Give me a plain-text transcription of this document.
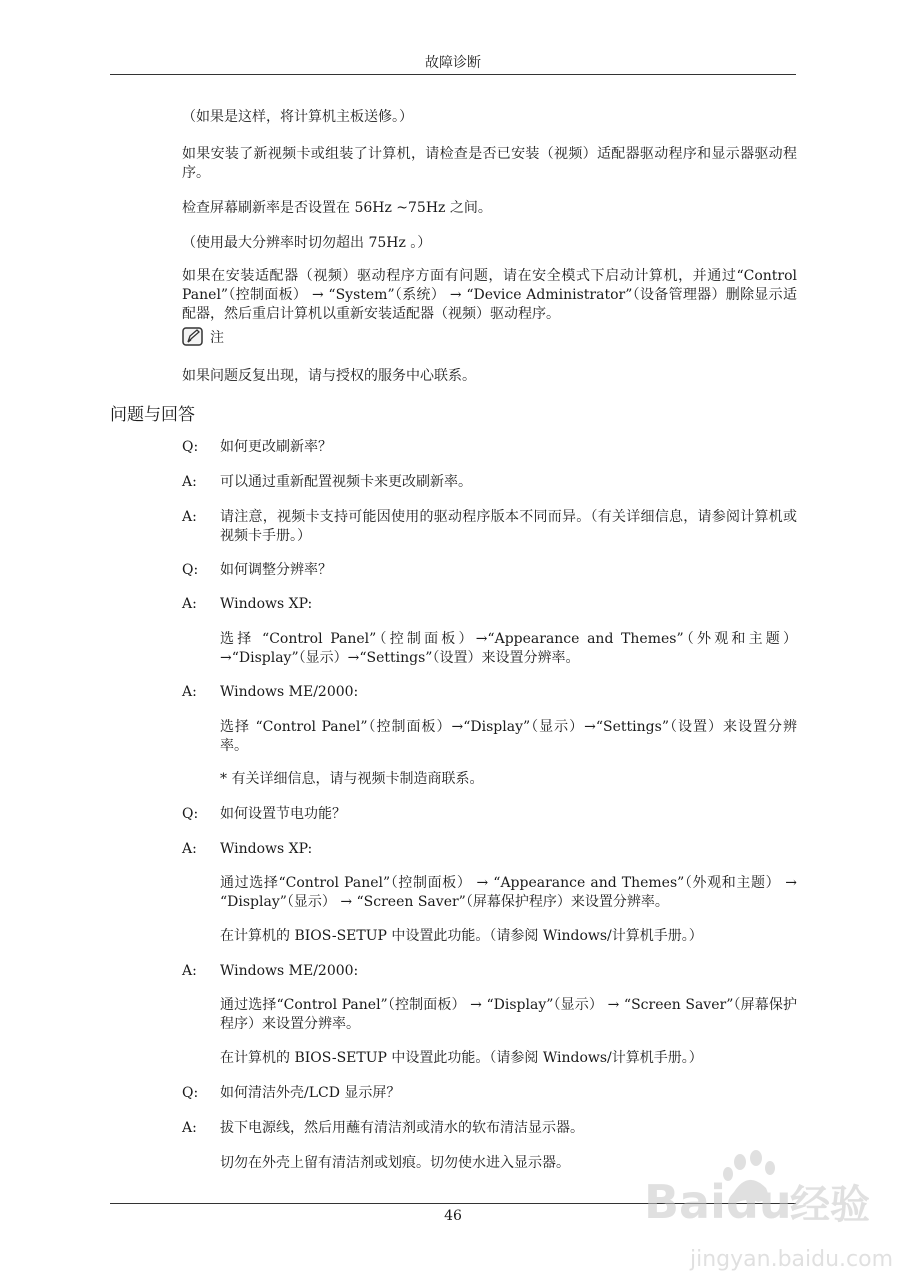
故障诊断

（如果是这样，将计算机主板送修。）

如果安装了新视频卡或组装了计算机，请检查是否已安装（视频）适配器驱动程序和显示器驱动程序。

检查屏幕刷新率是否设置在 56Hz ~75Hz 之间。

（使用最大分辨率时切勿超出 75Hz 。）

如果在安装适配器（视频）驱动程序方面有问题，请在安全模式下启动计算机，并通过“Control Panel”（控制面板） → “System”（系统） → “Device Administrator”（设备管理器）删除显示适配器，然后重启计算机以重新安装适配器（视频）驱动程序。

注

如果问题反复出现，请与授权的服务中心联系。

问题与回答
Q:	如何更改刷新率？
A:	可以通过重新配置视频卡来更改刷新率。
A:	请注意，视频卡支持可能因使用的驱动程序版本不同而异。（有关详细信息，请参阅计算机或视频卡手册。）
Q:	如何调整分辨率？
A:	Windows XP:

选择 “Control Panel”（控制面板）→“Appearance and Themes”（外观和主题）→“Display”（显示）→“Settings”（设置）来设置分辨率。

A:	Windows ME/2000:

选择 “Control Panel”（控制面板）→“Display”（显示）→“Settings”（设置）来设置分辨率。

* 有关详细信息，请与视频卡制造商联系。

Q:	如何设置节电功能？
A:	Windows XP:

通过选择“Control Panel”（控制面板） → “Appearance and Themes”（外观和主题） → “Display”（显示） → “Screen Saver”（屏幕保护程序）来设置分辨率。

在计算机的 BIOS-SETUP 中设置此功能。（请参阅 Windows/计算机手册。）

A:	Windows ME/2000:

通过选择“Control Panel”（控制面板） → “Display”（显示） → “Screen Saver”（屏幕保护程序）来设置分辨率。

在计算机的 BIOS-SETUP 中设置此功能。（请参阅 Windows/计算机手册。）

Q:	如何清洁外壳/LCD 显示屏？
A:	拔下电源线，然后用蘸有清洁剂或清水的软布清洁显示器。

切勿在外壳上留有清洁剂或划痕。切勿使水进入显示器。

46	Bai du
经验
jingyan.baidu.com
